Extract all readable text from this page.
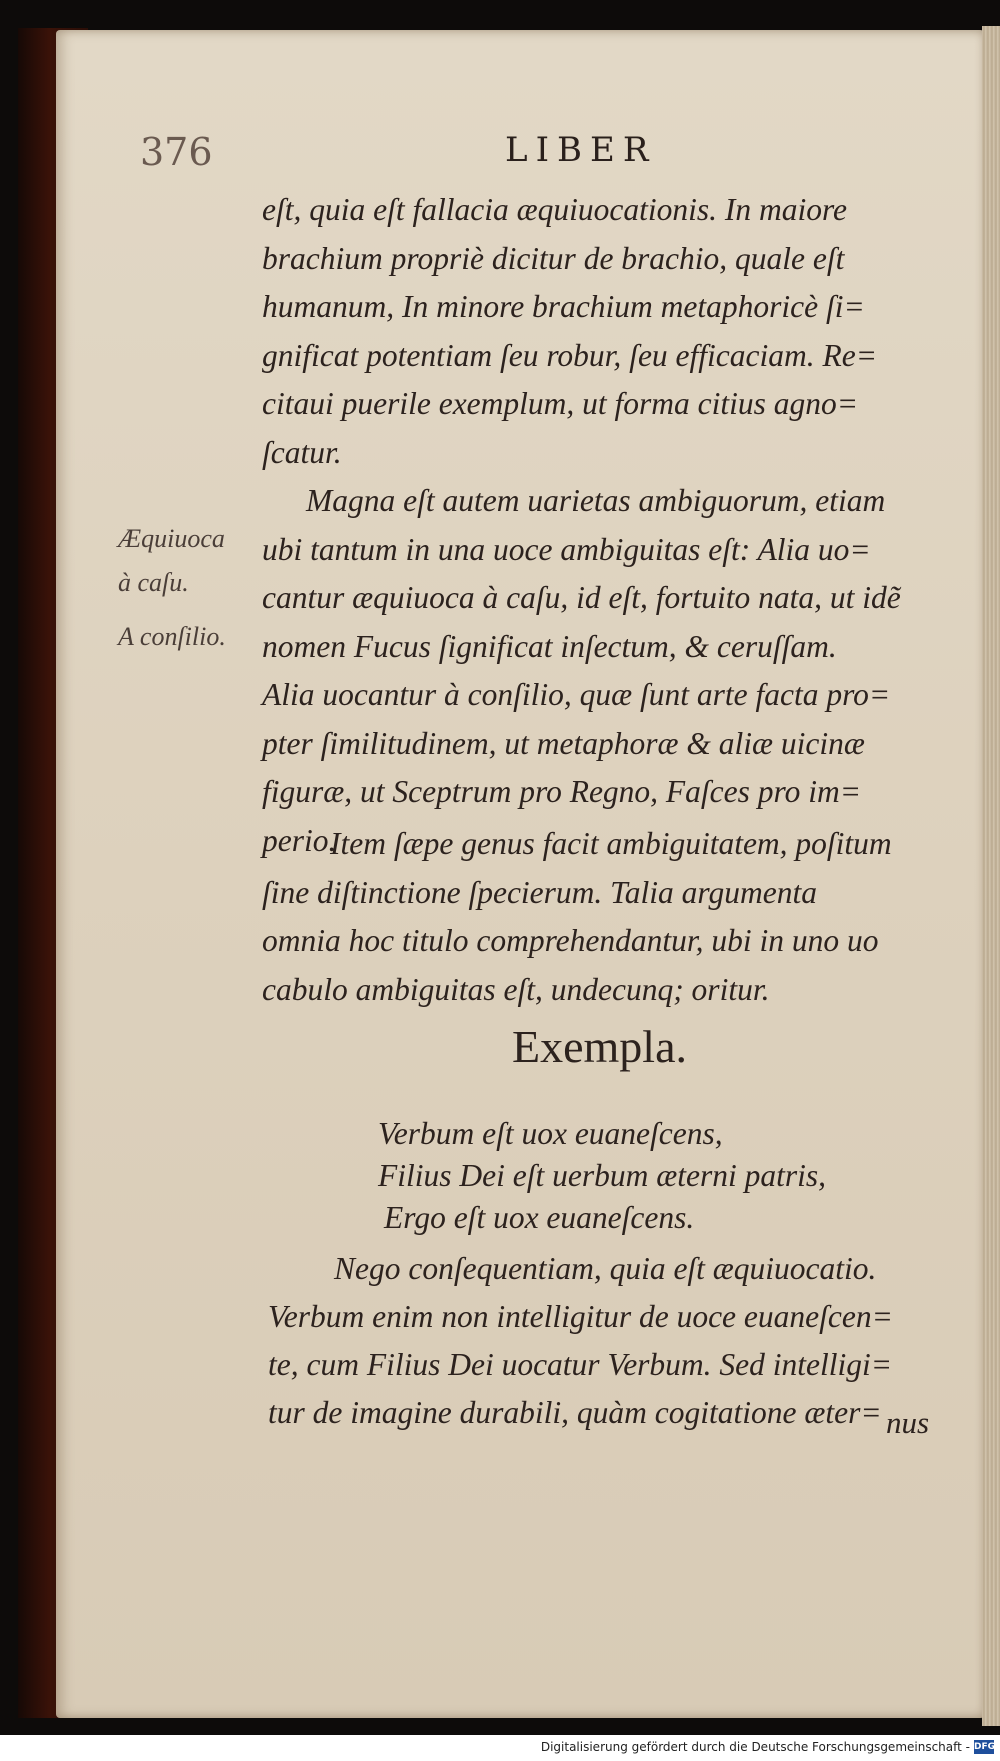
376	LIBER
eſt, quia eſt fallacia æquiuocationis. In maiore
brachium propriè dicitur de brachio, quale eſt
humanum, In minore brachium metaphoricè ſi=
gnificat potentiam ſeu robur, ſeu efficaciam. Re=
citaui puerile exemplum, ut forma citius agno=
ſcatur.
Magna eſt autem uarietas ambiguorum, etiam
ubi tantum in una uoce ambiguitas eſt: Alia uo=
cantur æquiuoca à caſu, id eſt, fortuito nata, ut idẽ
nomen Fucus ſignificat inſectum, & ceruſſam.
Alia uocantur à conſilio, quæ ſunt arte facta pro=
pter ſimilitudinem, ut metaphoræ & aliæ uicinæ
figuræ, ut Sceptrum pro Regno, Faſces pro im=
perio.
Æquiuoca
à caſu.
A conſilio.
Item ſæpe genus facit ambiguitatem, poſitum
ſine diſtinctione ſpecierum. Talia argumenta
omnia hoc titulo comprehendantur, ubi in uno uo
cabulo ambiguitas eſt, undecunq; oritur.
Exempla.
Verbum eſt uox euaneſcens,
Filius Dei eſt uerbum æterni patris,
Ergo eſt uox euaneſcens.
Nego conſequentiam, quia eſt æquiuocatio.
Verbum enim non intelligitur de uoce euaneſcen=
te, cum Filius Dei uocatur Verbum. Sed intelligi=
tur de imagine durabili, quàm cogitatione æter= nus
Digitalisierung gefördert durch die Deutsche Forschungsgemeinschaft - DFG
